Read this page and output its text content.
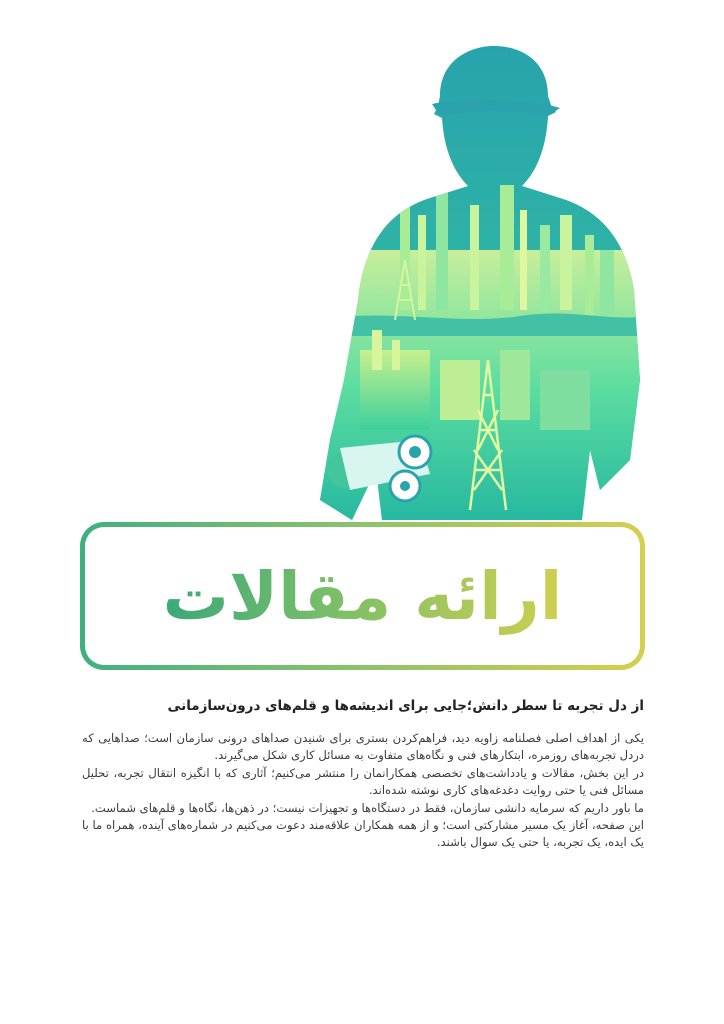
ارائه مقالات
از دل تجربه تا سطر دانش؛جایی برای اندیشه‌ها و قلم‌های درون‌سازمانی

یکی از اهداف اصلی فصلنامه زاویه دید، فراهم‌کردن بستری برای شنیدن صداهای درونی سازمان است؛ صداهایی که دردل تجربه‌های روزمره، ابتکارهای فنی و نگاه‌های متفاوت به مسائل کاری شکل می‌گیرند.

در این بخش، مقالات و یادداشت‌های تخصصی همکارانمان را منتشر می‌کنیم؛ آثاری که با انگیزه انتقال تجربه، تحلیل مسائل فنی یا حتی روایت دغدغه‌های کاری نوشته شده‌اند.

ما باور داریم که سرمایه دانشی سازمان، فقط در دستگاه‌ها و تجهیزات نیست؛ در ذهن‌ها، نگاه‌ها و قلم‌های شماست.

این صفحه، آغاز یک مسیر مشارکتی است؛ و از همه همکاران علاقه‌مند دعوت می‌کنیم در شماره‌های آینده، همراه ما با یک ایده، یک تجربه، یا حتی یک سوال باشند.
